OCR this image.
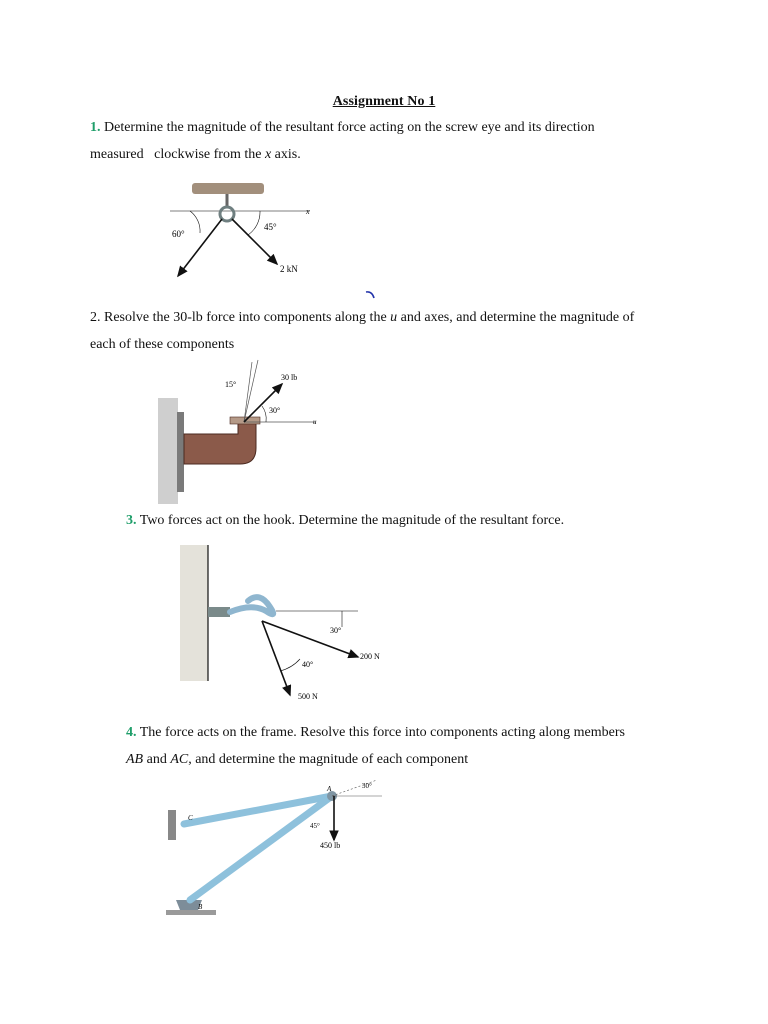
Assignment No 1

1. Determine the magnitude of the resultant force acting on the screw eye and its direction
measured   clockwise from the x axis.

60°
45°
2 kN
x

2. Resolve the 30-lb force into components along the u and axes, and determine the magnitude of
each of these components

15°
30 lb
30°
u

3. Two forces act on the hook. Determine the magnitude of the resultant force.

30°
200 N
40°
500 N

4. The force acts on the frame. Resolve this force into components acting along members
AB and AC, and determine the magnitude of each component

30°
45°
450 lb
A
B
C
